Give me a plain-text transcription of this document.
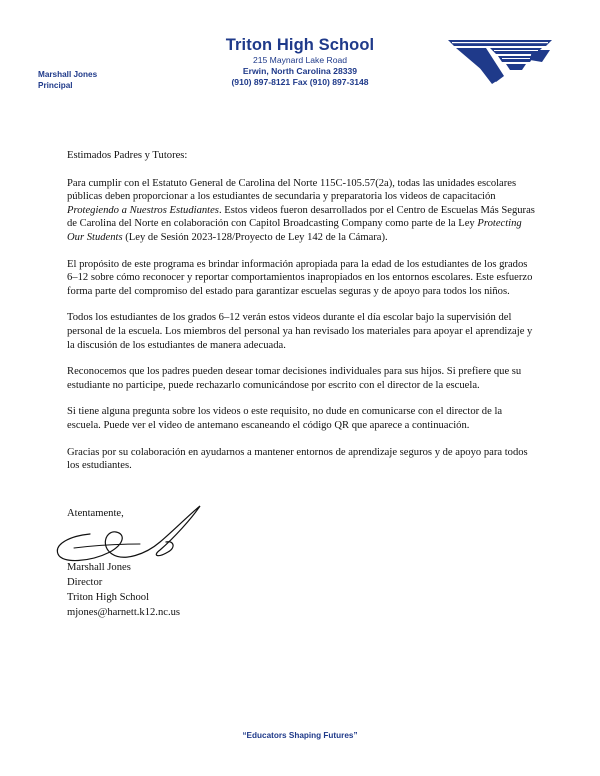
Triton High School
215 Maynard Lake Road
Erwin, North Carolina 28339
(910) 897-8121 Fax (910) 897-3148
Marshall Jones
Principal

Estimados Padres y Tutores:

Para cumplir con el Estatuto General de Carolina del Norte 115C-105.57(2a), todas las unidades escolares públicas deben proporcionar a los estudiantes de secundaria y preparatoria los videos de capacitación Protegiendo a Nuestros Estudiantes. Estos videos fueron desarrollados por el Centro de Escuelas Más Seguras de Carolina del Norte en colaboración con Capitol Broadcasting Company como parte de la Ley Protecting Our Students (Ley de Sesión 2023-128/Proyecto de Ley 142 de la Cámara).

El propósito de este programa es brindar información apropiada para la edad de los estudiantes de los grados 6–12 sobre cómo reconocer y reportar comportamientos inapropiados en los entornos escolares. Este esfuerzo forma parte del compromiso del estado para garantizar escuelas seguras y de apoyo para todos los niños.

Todos los estudiantes de los grados 6–12 verán estos videos durante el día escolar bajo la supervisión del personal de la escuela. Los miembros del personal ya han revisado los materiales para apoyar el aprendizaje y la discusión de los estudiantes de manera adecuada.

Reconocemos que los padres pueden desear tomar decisiones individuales para sus hijos. Si prefiere que su estudiante no participe, puede rechazarlo comunicándose por escrito con el director de la escuela.

Si tiene alguna pregunta sobre los videos o este requisito, no dude en comunicarse con el director de la escuela. Puede ver el video de antemano escaneando el código QR que aparece a continuación.

Gracias por su colaboración en ayudarnos a mantener entornos de aprendizaje seguros y de apoyo para todos los estudiantes.

Atentamente,
Marshall Jones
Director
Triton High School
mjones@harnett.k12.nc.us
“Educators Shaping Futures”
